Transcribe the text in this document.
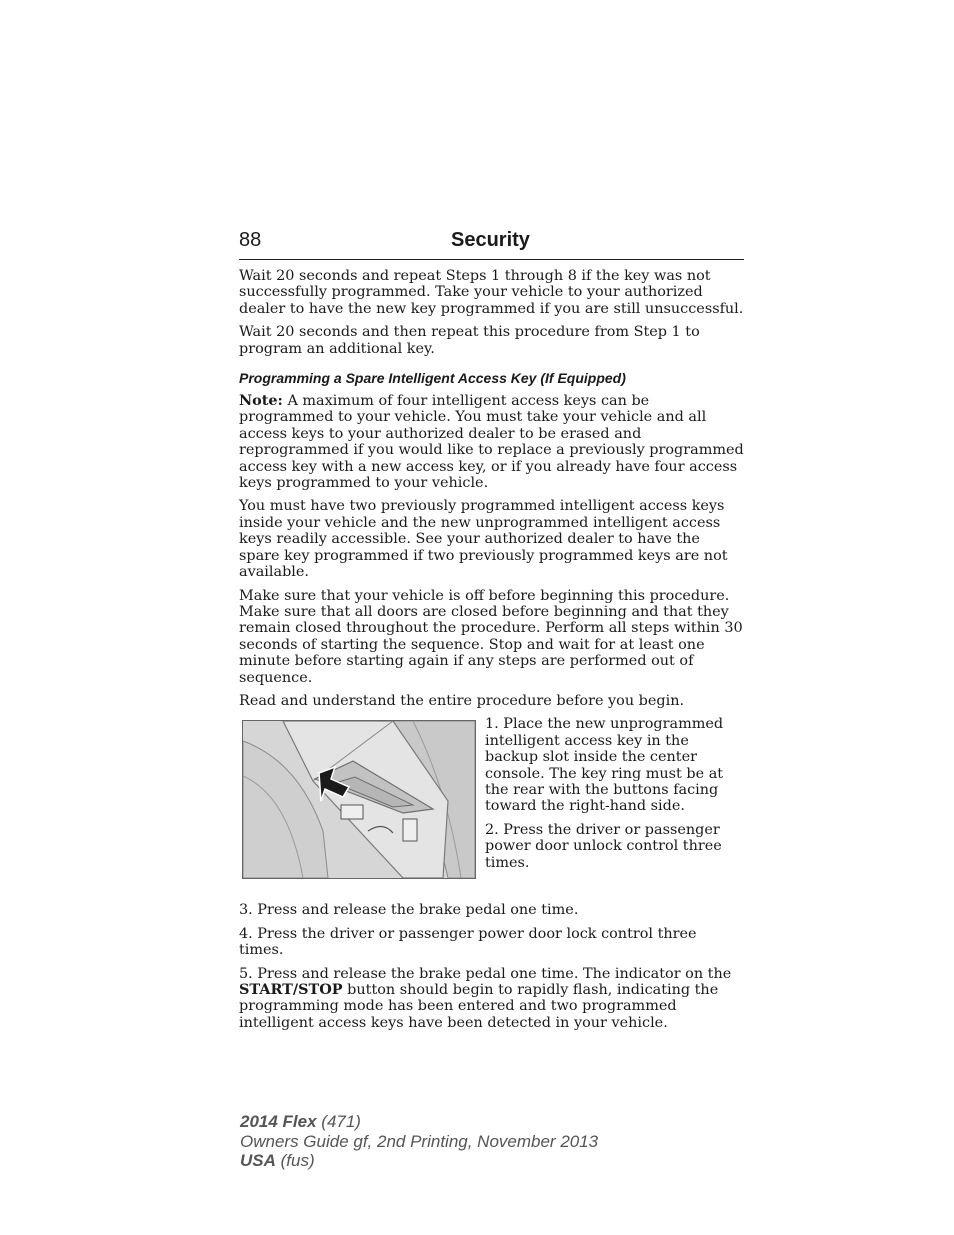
88	Security

Wait 20 seconds and repeat Steps 1 through 8 if the key was not successfully programmed. Take your vehicle to your authorized dealer to have the new key programmed if you are still unsuccessful.

Wait 20 seconds and then repeat this procedure from Step 1 to program an additional key.

Programming a Spare Intelligent Access Key (If Equipped)

Note: A maximum of four intelligent access keys can be programmed to your vehicle. You must take your vehicle and all access keys to your authorized dealer to be erased and reprogrammed if you would like to replace a previously programmed access key with a new access key, or if you already have four access keys programmed to your vehicle.

You must have two previously programmed intelligent access keys inside your vehicle and the new unprogrammed intelligent access keys readily accessible. See your authorized dealer to have the spare key programmed if two previously programmed keys are not available.

Make sure that your vehicle is off before beginning this procedure. Make sure that all doors are closed before beginning and that they remain closed throughout the procedure. Perform all steps within 30 seconds of starting the sequence. Stop and wait for at least one minute before starting again if any steps are performed out of sequence.

Read and understand the entire procedure before you begin.

1. Place the new unprogrammed intelligent access key in the backup slot inside the center console. The key ring must be at the rear with the buttons facing toward the right-hand side.

2. Press the driver or passenger power door unlock control three times.

3. Press and release the brake pedal one time.

4. Press the driver or passenger power door lock control three times.

5. Press and release the brake pedal one time. The indicator on the START/STOP button should begin to rapidly flash, indicating the programming mode has been entered and two programmed intelligent access keys have been detected in your vehicle.

2014 Flex (471)
Owners Guide gf, 2nd Printing, November 2013
USA (fus)
